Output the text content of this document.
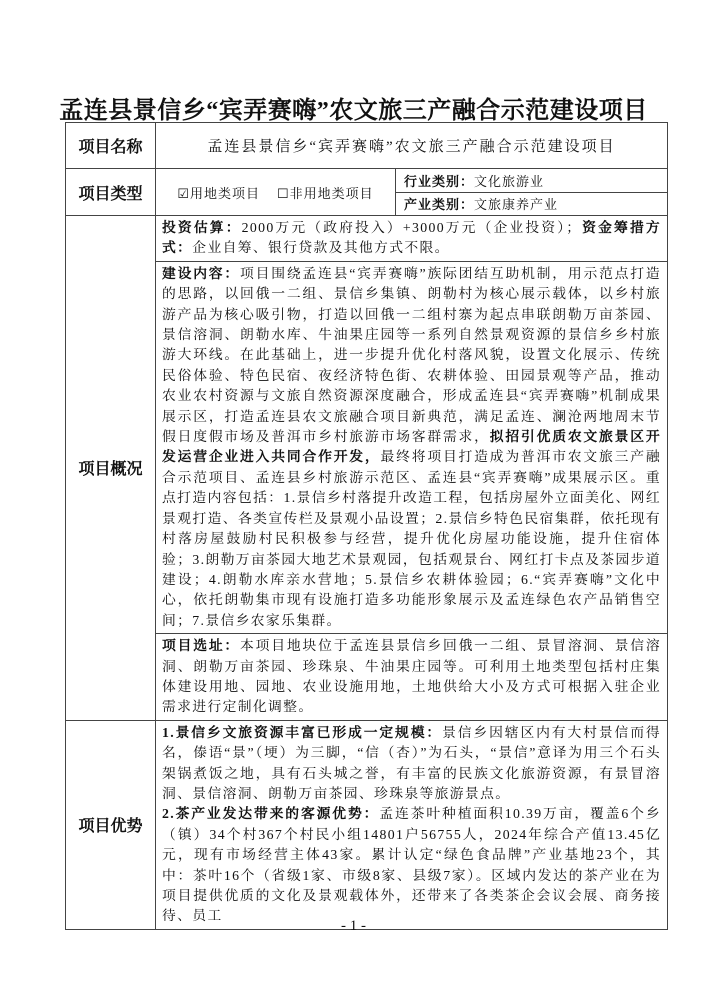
孟连县景信乡“宾弄赛嗨”农文旅三产融合示范建设项目
项目名称	孟连县景信乡“宾弄赛嗨”农文旅三产融合示范建设项目	
项目类型	☑用地类项目 ☐非用地类项目	行业类别：文化旅游业
		产业类别：文旅康养产业
项目概况	投资估算：2000万元（政府投入）+3000万元（企业投资）；资金筹措方式：企业自筹、银行贷款及其他方式不限。	
	建设内容：项目围绕孟连县“宾弄赛嗨”族际团结互助机制，用示范点打造的思路，以回俄一二组、景信乡集镇、朗勒村为核心展示载体，以乡村旅游产品为核心吸引物，打造以回俄一二组村寨为起点串联朗勒万亩茶园、景信溶洞、朗勒水库、牛油果庄园等一系列自然景观资源的景信乡乡村旅游大环线。在此基础上，进一步提升优化村落风貌，设置文化展示、传统民俗体验、特色民宿、夜经济特色街、农耕体验、田园景观等产品，推动农业农村资源与文旅自然资源深度融合，形成孟连县“宾弄赛嗨”机制成果展示区，打造孟连县农文旅融合项目新典范，满足孟连、澜沧两地周末节假日度假市场及普洱市乡村旅游市场客群需求，拟招引优质农文旅景区开发运营企业进入共同合作开发，最终将项目打造成为普洱市农文旅三产融合示范项目、孟连县乡村旅游示范区、孟连县“宾弄赛嗨”成果展示区。重点打造内容包括：1.景信乡村落提升改造工程，包括房屋外立面美化、网红景观打造、各类宣传栏及景观小品设置；2.景信乡特色民宿集群，依托现有村落房屋鼓励村民积极参与经营，提升优化房屋功能设施，提升住宿体验；3.朗勒万亩茶园大地艺术景观园，包括观景台、网红打卡点及茶园步道建设；4.朗勒水库亲水营地；5.景信乡农耕体验园；6.“宾弄赛嗨”文化中心，依托朗勒集市现有设施打造多功能形象展示及孟连绿色农产品销售空间；7.景信乡农家乐集群。	
	项目选址：本项目地块位于孟连县景信乡回俄一二组、景冒溶洞、景信溶洞、朗勒万亩茶园、珍珠泉、牛油果庄园等。可利用土地类型包括村庄集体建设用地、园地、农业设施用地，土地供给大小及方式可根据入驻企业需求进行定制化调整。	
项目优势	1.景信乡文旅资源丰富已形成一定规模：景信乡因辖区内有大村景信而得名，傣语“景”（埂）为三脚，“信（杏）”为石头，“景信”意译为用三个石头架锅煮饭之地，具有石头城之誉，有丰富的民族文化旅游资源，有景冒溶洞、景信溶洞、朗勒万亩茶园、珍珠泉等旅游景点。
2.茶产业发达带来的客源优势：孟连茶叶种植面积10.39万亩，覆盖6个乡（镇）34个村367个村民小组14801户56755人，2024年综合产值13.45亿元，现有市场经营主体43家。累计认定“绿色食品牌”产业基地23个，其中：茶叶16个（省级1家、市级8家、县级7家）。区域内发达的茶产业在为项目提供优质的文化及景观载体外，还带来了各类茶企会议会展、商务接待、员工	
- 1 -
